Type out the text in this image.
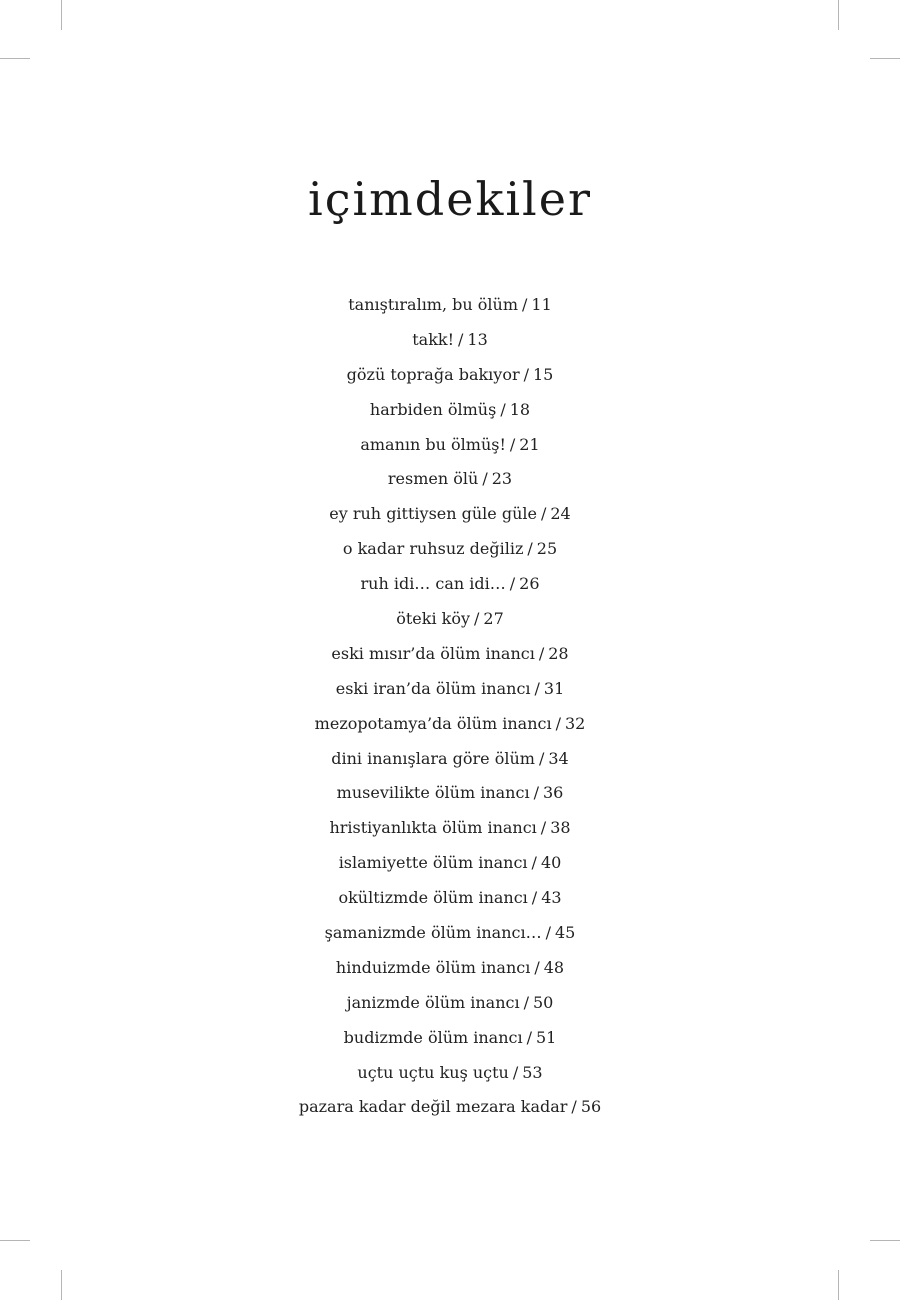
içimdekiler
tanıştıralım, bu ölüm / 11
takk! / 13
gözü toprağa bakıyor / 15
harbiden ölmüş / 18
amanın bu ölmüş! / 21
resmen ölü / 23
ey ruh gittiysen güle güle / 24
o kadar ruhsuz değiliz / 25
ruh idi… can idi… / 26
öteki köy / 27
eski mısır’da ölüm inancı / 28
eski iran’da ölüm inancı / 31
mezopotamya’da ölüm inancı / 32
dini inanışlara göre ölüm / 34
musevilikte ölüm inancı / 36
hristiyanlıkta ölüm inancı / 38
islamiyette ölüm inancı / 40
okültizmde ölüm inancı / 43
şamanizmde ölüm inancı… / 45
hinduizmde ölüm inancı / 48
janizmde ölüm inancı / 50
budizmde ölüm inancı / 51
uçtu uçtu kuş uçtu / 53
pazara kadar değil mezara kadar / 56
